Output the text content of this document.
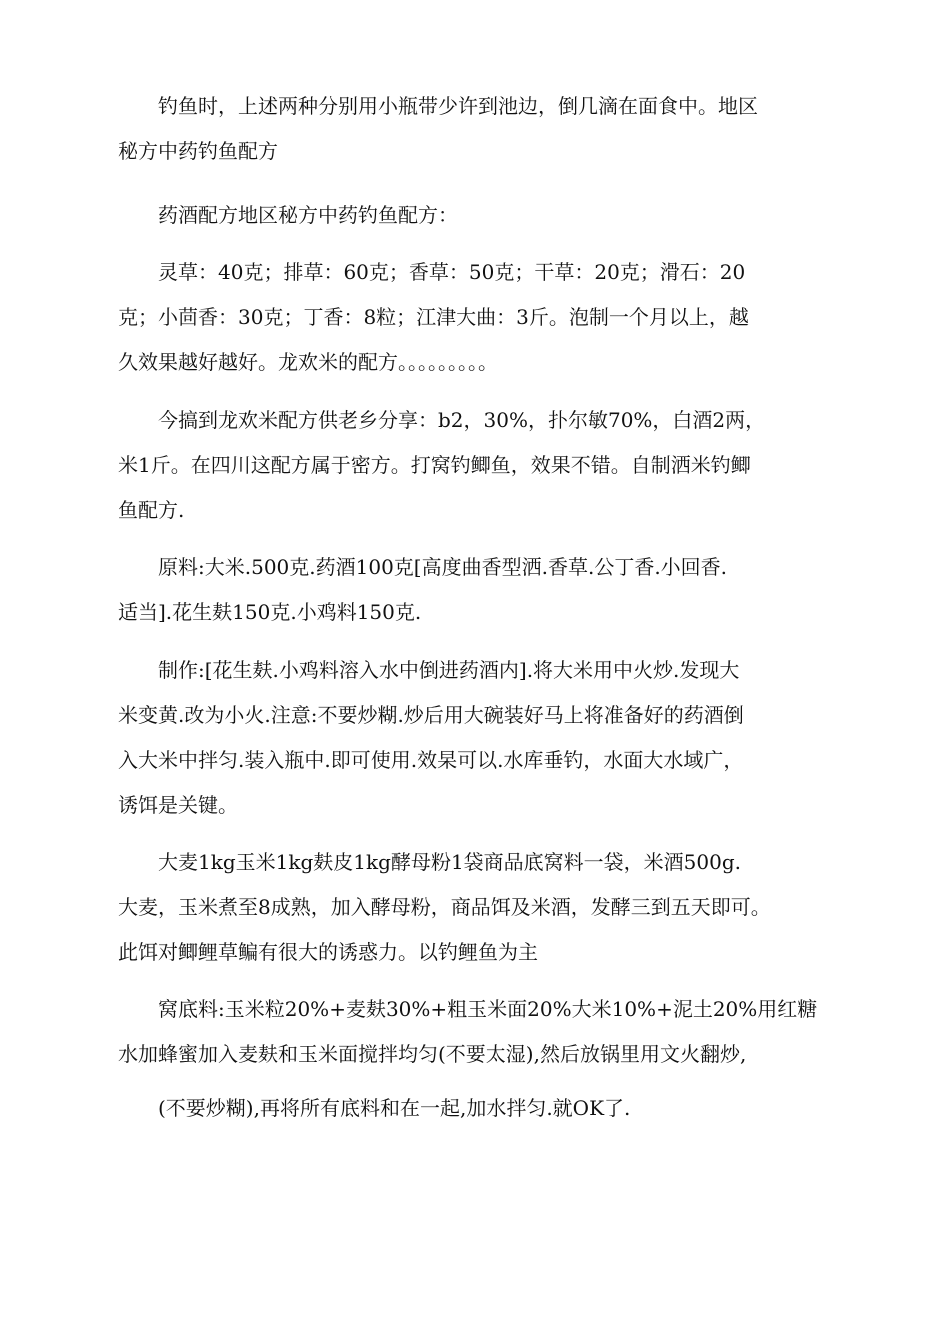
　　钓鱼时，上述两种分别用小瓶带少许到池边，倒几滴在面食中。地区
秘方中药钓鱼配方

　　药酒配方地区秘方中药钓鱼配方：

　　灵草：40克；排草：60克；香草：50克；干草：20克；滑石：20
克；小茴香：30克；丁香：8粒；江津大曲：3斤。泡制一个月以上，越
久效果越好越好。龙欢米的配方。。。。。。。。。

　　今搞到龙欢米配方供老乡分享：b2，30%，扑尔敏70%，白酒2两，
米1斤。在四川这配方属于密方。打窝钓鲫鱼，效果不错。自制洒米钓鲫
鱼配方.

　　原料:大米.500克.药酒100克[高度曲香型洒.香草.公丁香.小回香.
适当].花生麸150克.小鸡料150克.

　　制作:[花生麸.小鸡料溶入水中倒进药酒内].将大米用中火炒.发现大
米变黄.改为小火.注意:不要炒糊.炒后用大碗装好马上将准备好的药酒倒
入大米中拌匀.装入瓶中.即可使用.效杲可以.水库垂钓，水面大水域广，
诱饵是关键。

　　大麦1kg玉米1kg麸皮1kg酵母粉1袋商品底窝料一袋，米酒500g.
大麦，玉米煮至8成熟，加入酵母粉，商品饵及米酒，发酵三到五天即可。
此饵对鲫鲤草鳊有很大的诱惑力。以钓鲤鱼为主

　　窝底料:玉米粒20%+麦麸30%+粗玉米面20%大米10%+泥土20%用红糖
水加蜂蜜加入麦麸和玉米面搅拌均匀(不要太湿),然后放锅里用文火翻炒,

　　(不要炒糊),再将所有底料和在一起,加水拌匀.就OK了.
